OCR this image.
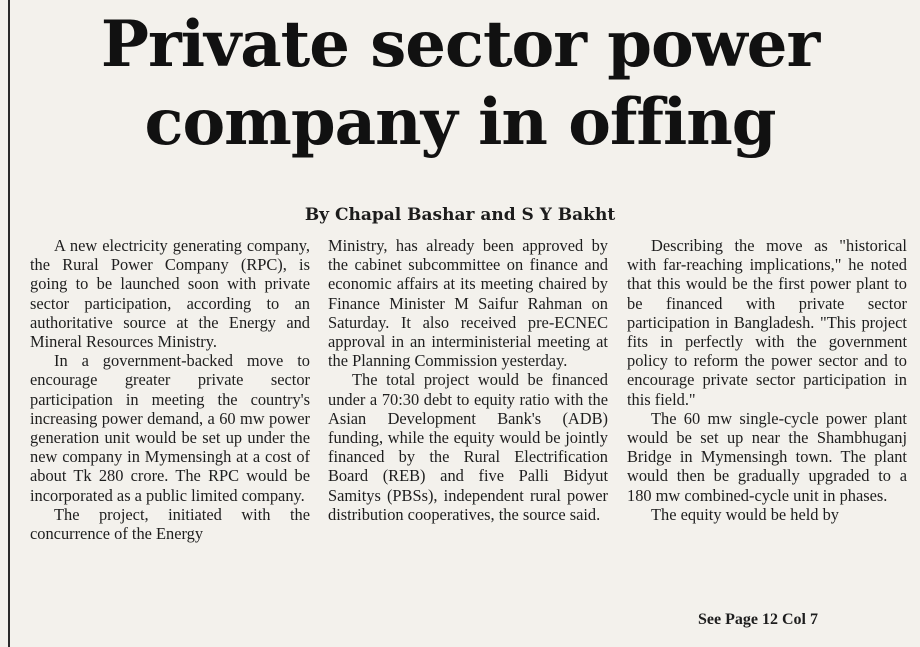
Private sector power
company in offing
By Chapal Bashar and S Y Bakht

A new electricity generating company, the Rural Power Company (RPC), is going to be launched soon with private sector participation, according to an authoritative source at the Energy and Mineral Resources Ministry.

In a government-backed move to encourage greater private sector participation in meeting the country's increasing power demand, a 60 mw power generation unit would be set up under the new company in Mymensingh at a cost of about Tk 280 crore. The RPC would be incorporated as a public limited company.

The project, initiated with the concurrence of the Energy

Ministry, has already been approved by the cabinet subcommittee on finance and economic affairs at its meeting chaired by Finance Minister M Saifur Rahman on Saturday. It also received pre-ECNEC approval in an interministerial meeting at the Planning Commission yesterday.

The total project would be financed under a 70:30 debt to equity ratio with the Asian Development Bank's (ADB) funding, while the equity would be jointly financed by the Rural Electrification Board (REB) and five Palli Bidyut Samitys (PBSs), independent rural power distribution cooperatives, the source said.

Describing the move as "historical with far-reaching implications," he noted that this would be the first power plant to be financed with private sector participation in Bangladesh. "This project fits in perfectly with the government policy to reform the power sector and to encourage private sector participation in this field."

The 60 mw single-cycle power plant would be set up near the Shambhuganj Bridge in Mymensingh town. The plant would then be gradually upgraded to a 180 mw combined-cycle unit in phases.

The equity would be held by

See Page 12 Col 7
